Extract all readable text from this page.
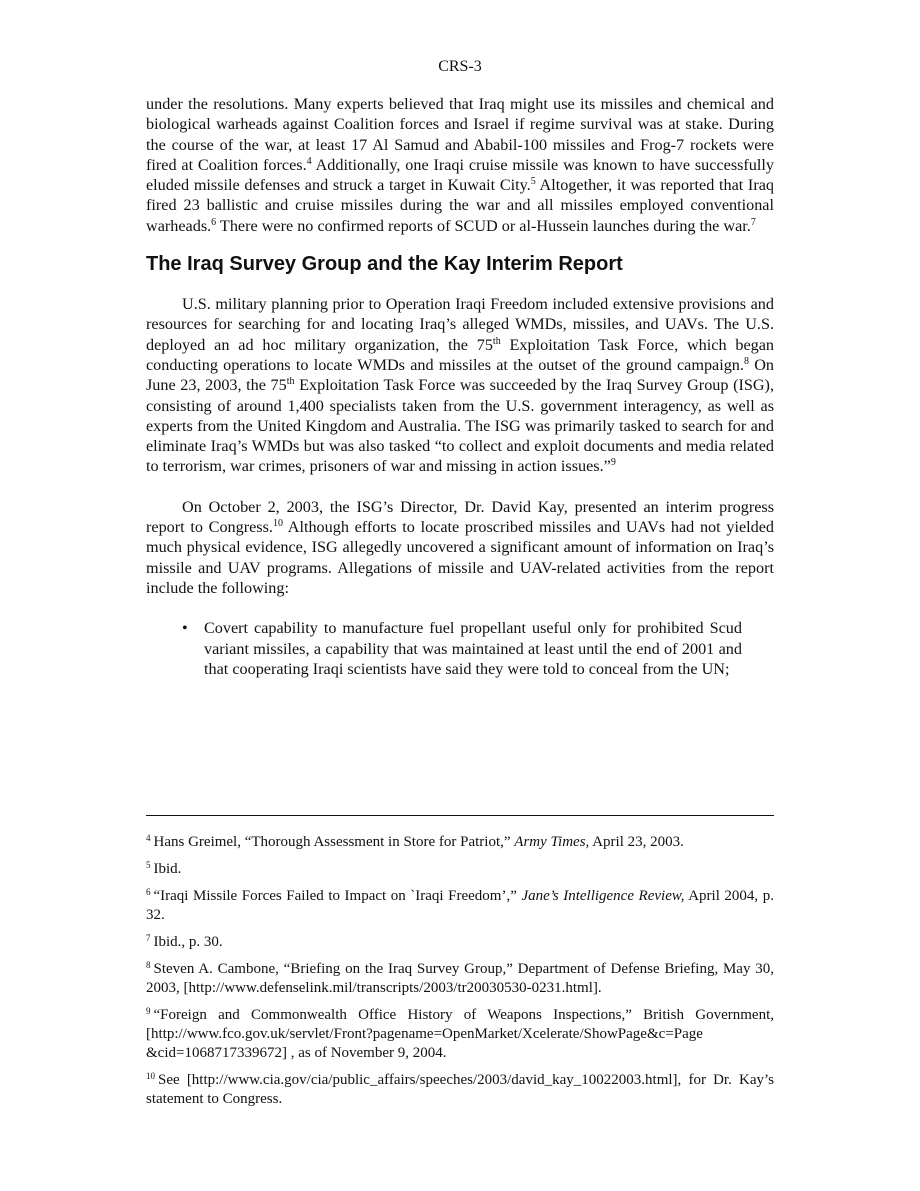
CRS-3

under the resolutions. Many experts believed that Iraq might use its missiles and chemical and biological warheads against Coalition forces and Israel if regime survival was at stake. During the course of the war, at least 17 Al Samud and Ababil-100 missiles and Frog-7 rockets were fired at Coalition forces.$^4$ Additionally, one Iraqi cruise missile was known to have successfully eluded missile defenses and struck a target in Kuwait City.$^5$ Altogether, it was reported that Iraq fired 23 ballistic and cruise missiles during the war and all missiles employed conventional warheads.$^6$ There were no confirmed reports of SCUD or al-Hussein launches during the war.$^7$

The Iraq Survey Group and the Kay Interim Report

U.S. military planning prior to Operation Iraqi Freedom included extensive provisions and resources for searching for and locating Iraq’s alleged WMDs, missiles, and UAVs. The U.S. deployed an ad hoc military organization, the 75th Exploitation Task Force, which began conducting operations to locate WMDs and missiles at the outset of the ground campaign.$^8$ On June 23, 2003, the 75th Exploitation Task Force was succeeded by the Iraq Survey Group (ISG), consisting of around 1,400 specialists taken from the U.S. government interagency, as well as experts from the United Kingdom and Australia. The ISG was primarily tasked to search for and eliminate Iraq’s WMDs but was also tasked “to collect and exploit documents and media related to terrorism, war crimes, prisoners of war and missing in action issues.”$^9$

On October 2, 2003, the ISG’s Director, Dr. David Kay, presented an interim progress report to Congress.$^{10}$ Although efforts to locate proscribed missiles and UAVs had not yielded much physical evidence, ISG allegedly uncovered a significant amount of information on Iraq’s missile and UAV programs. Allegations of missile and UAV-related activities from the report include the following:

• Covert capability to manufacture fuel propellant useful only for prohibited Scud variant missiles, a capability that was maintained at least until the end of 2001 and that cooperating Iraqi scientists have said they were told to conceal from the UN;

$^4$ Hans Greimel, “Thorough Assessment in Store for Patriot,” Army Times, April 23, 2003.

$^5$ Ibid.

$^6$ “Iraqi Missile Forces Failed to Impact on `Iraqi Freedom’,” Jane’s Intelligence Review, April 2004, p. 32.

$^7$ Ibid., p. 30.

$^8$ Steven A. Cambone, “Briefing on the Iraq Survey Group,” Department of Defense Briefing, May 30, 2003, [http://www.defenselink.mil/transcripts/2003/tr20030530-0231.html].

$^9$ “Foreign and Commonwealth Office History of Weapons Inspections,” British Government, [http://www.fco.gov.uk/servlet/Front?pagename=OpenMarket/Xcelerate/ShowPage&c=Page &cid=1068717339672] , as of November 9, 2004.

$^{10}$ See [http://www.cia.gov/cia/public_affairs/speeches/2003/david_kay_10022003.html], for Dr. Kay’s statement to Congress.
